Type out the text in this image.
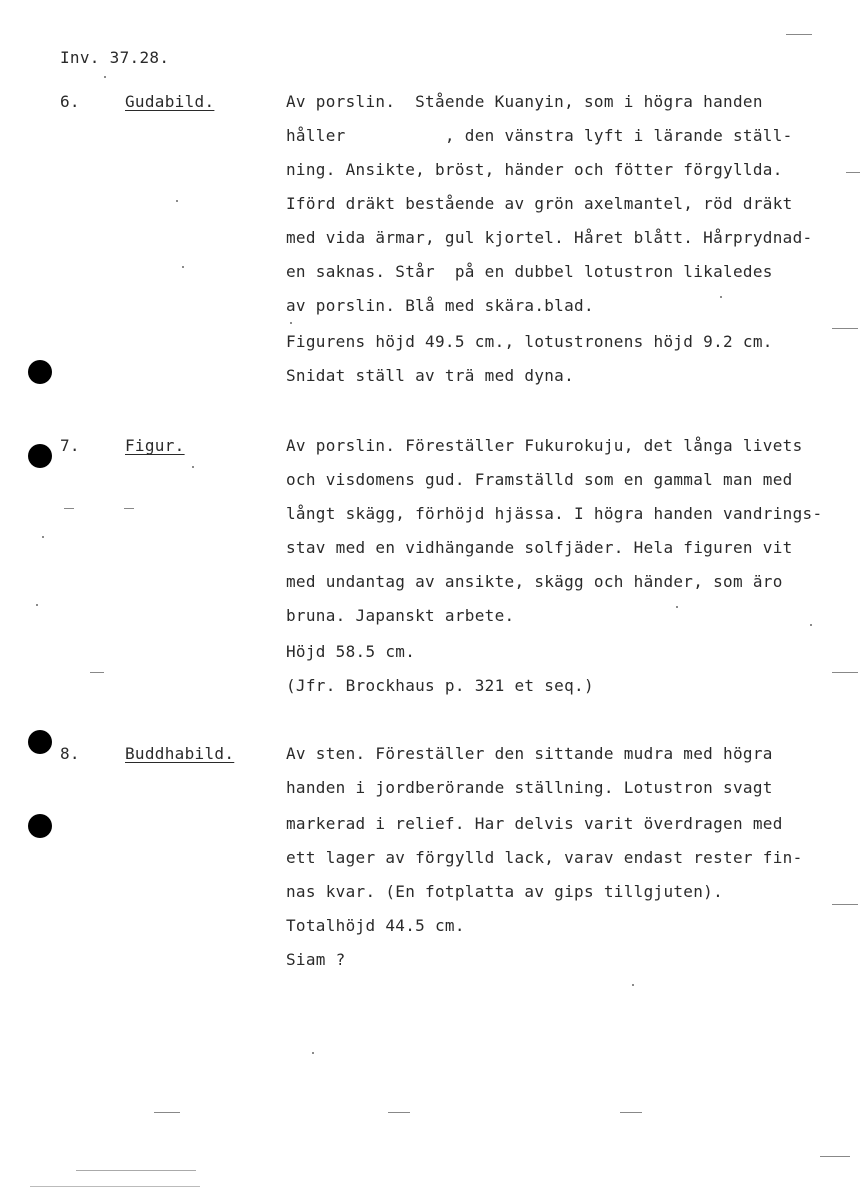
Inv. 37.28.
6.	Gudabild.	Av porslin.  Stående Kuanyin, som i högra handen
håller          , den vänstra lyft i lärande ställ-
ning. Ansikte, bröst, händer och fötter förgyllda.
Iförd dräkt bestående av grön axelmantel, röd dräkt
med vida ärmar, gul kjortel. Håret blått. Hårprydnad-
en saknas. Står  på en dubbel lotustron likaledes
av porslin. Blå med skära.blad.
Figurens höjd 49.5 cm., lotustronens höjd 9.2 cm.
Snidat ställ av trä med dyna.
7.	Figur.	Av porslin. Föreställer Fukurokuju, det långa livets
och visdomens gud. Framställd som en gammal man med
långt skägg, förhöjd hjässa. I högra handen vandrings-
stav med en vidhängande solfjäder. Hela figuren vit
med undantag av ansikte, skägg och händer, som äro
bruna. Japanskt arbete.
Höjd 58.5 cm.
(Jfr. Brockhaus p. 321 et seq.)
8.	Buddhabild.	Av sten. Föreställer den sittande mudra med högra
handen i jordberörande ställning. Lotustron svagt
markerad i relief. Har delvis varit överdragen med
ett lager av förgylld lack, varav endast rester fin-
nas kvar. (En fotplatta av gips tillgjuten).
Totalhöjd 44.5 cm.
Siam ?
